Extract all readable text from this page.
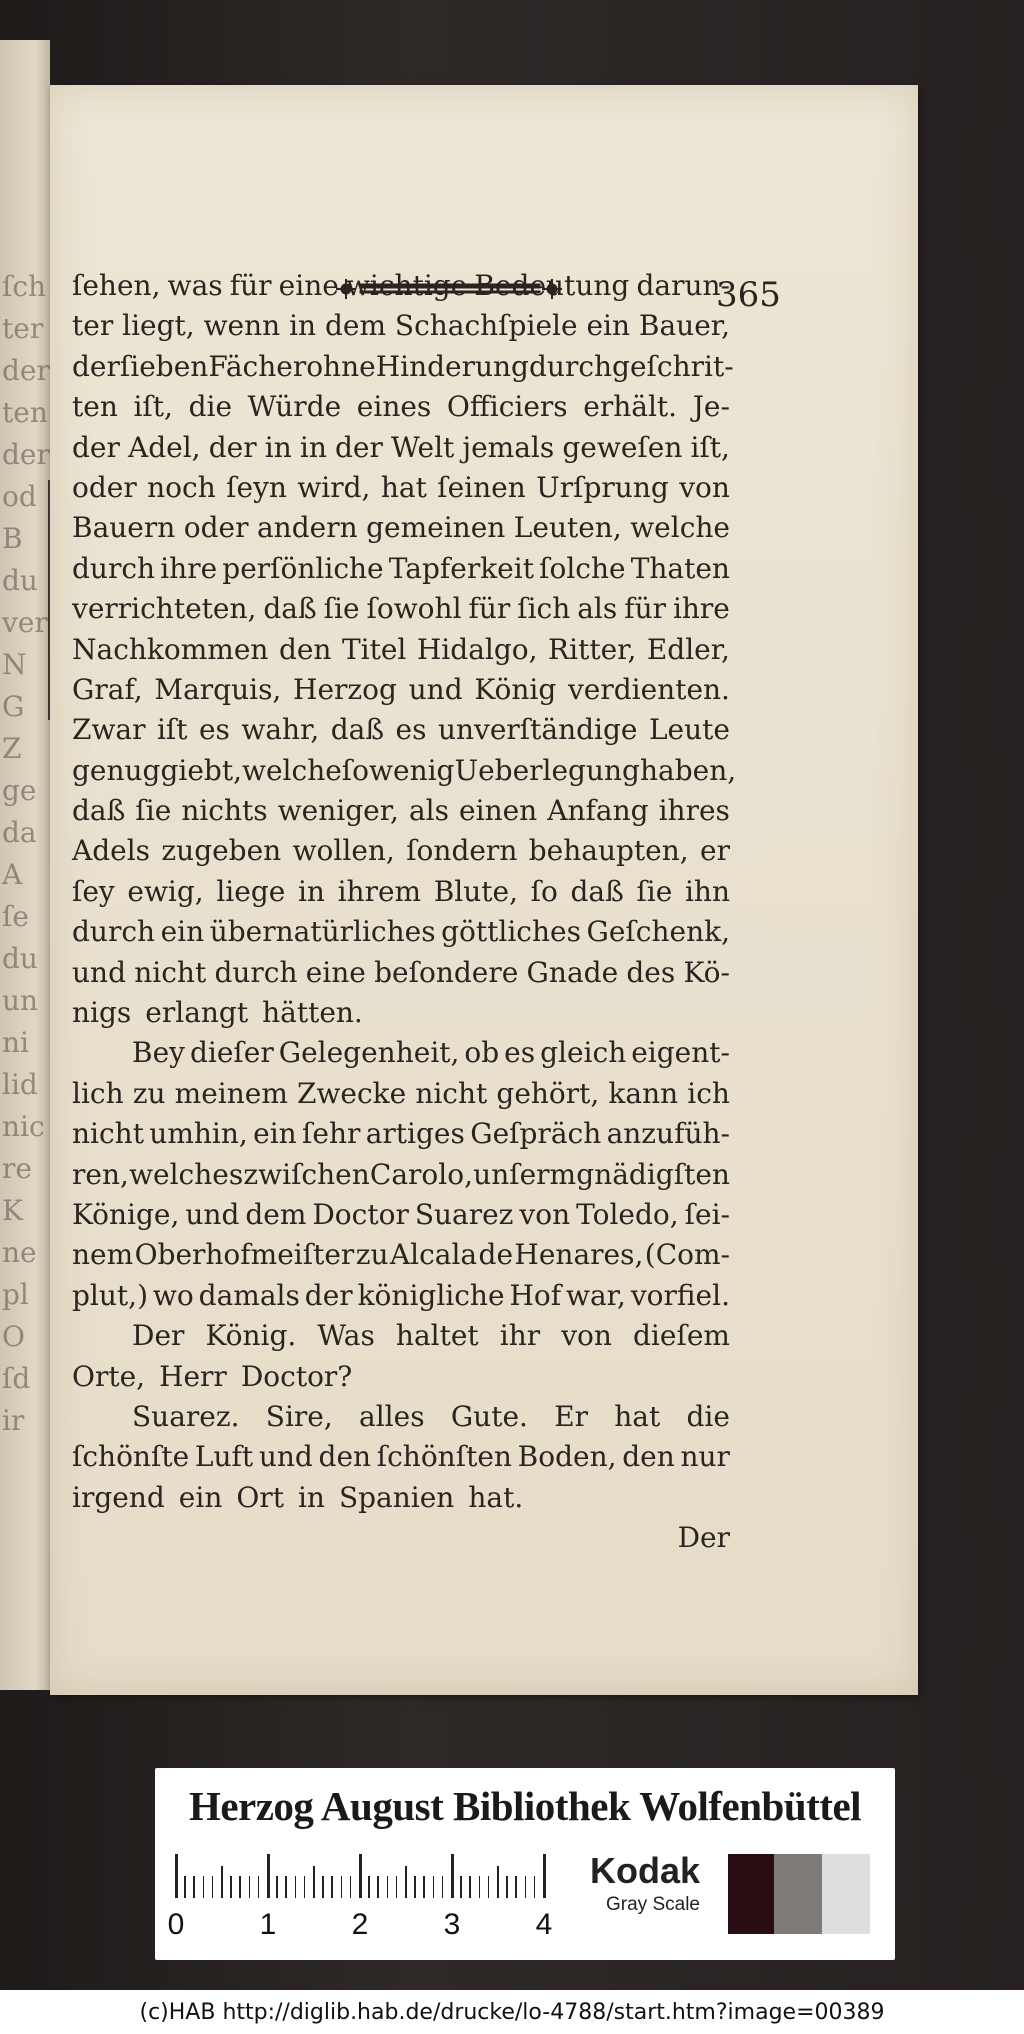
ſch
ter
der
ten
der
od
B
du
ver
N
G
Z
ge
da
A
ſe
du
un
ni
lid
nic
re
K
ne
pl
O
ſd
ir
365
ſehen, was für eine wichtige Bedeutung darun-
ter liegt, wenn in dem Schachſpiele ein Bauer,
der ſieben Fächer ohne Hinderung durchgeſchrit-
ten iſt, die Würde eines Officiers erhält. Je-
der Adel, der in in der Welt jemals geweſen iſt,
oder noch ſeyn wird, hat ſeinen Urſprung von
Bauern oder andern gemeinen Leuten, welche
durch ihre perſönliche Tapferkeit ſolche Thaten
verrichteten, daß ſie ſowohl für ſich als für ihre
Nachkommen den Titel Hidalgo, Ritter, Edler,
Graf, Marquis, Herzog und König verdienten.
Zwar iſt es wahr, daß es unverſtändige Leute
genug giebt, welche ſo wenig Ueberlegung haben,
daß ſie nichts weniger, als einen Anfang ihres
Adels zugeben wollen, ſondern behaupten, er
ſey ewig, liege in ihrem Blute, ſo daß ſie ihn
durch ein übernatürliches göttliches Geſchenk,
und nicht durch eine beſondere Gnade des Kö-
nigs erlangt hätten.
Bey dieſer Gelegenheit, ob es gleich eigent-
lich zu meinem Zwecke nicht gehört, kann ich
nicht umhin, ein ſehr artiges Geſpräch anzufüh-
ren, welches zwiſchen Carolo, unſerm gnädigſten
Könige, und dem Doctor Suarez von Toledo, ſei-
nem Oberhofmeiſter zu Alcala de Henares, (Com-
plut,) wo damals der königliche Hof war, vorfiel.
Der König. Was haltet ihr von dieſem
Orte, Herr Doctor?
Suarez. Sire, alles Gute. Er hat die
ſchönſte Luft und den ſchönſten Boden, den nur
irgend ein Ort in Spanien hat.
Der
Herzog August Bibliothek Wolfenbüttel
0	1	2	3	4
Kodak
Gray Scale
(c)HAB http://diglib.hab.de/drucke/lo-4788/start.htm?image=00389
